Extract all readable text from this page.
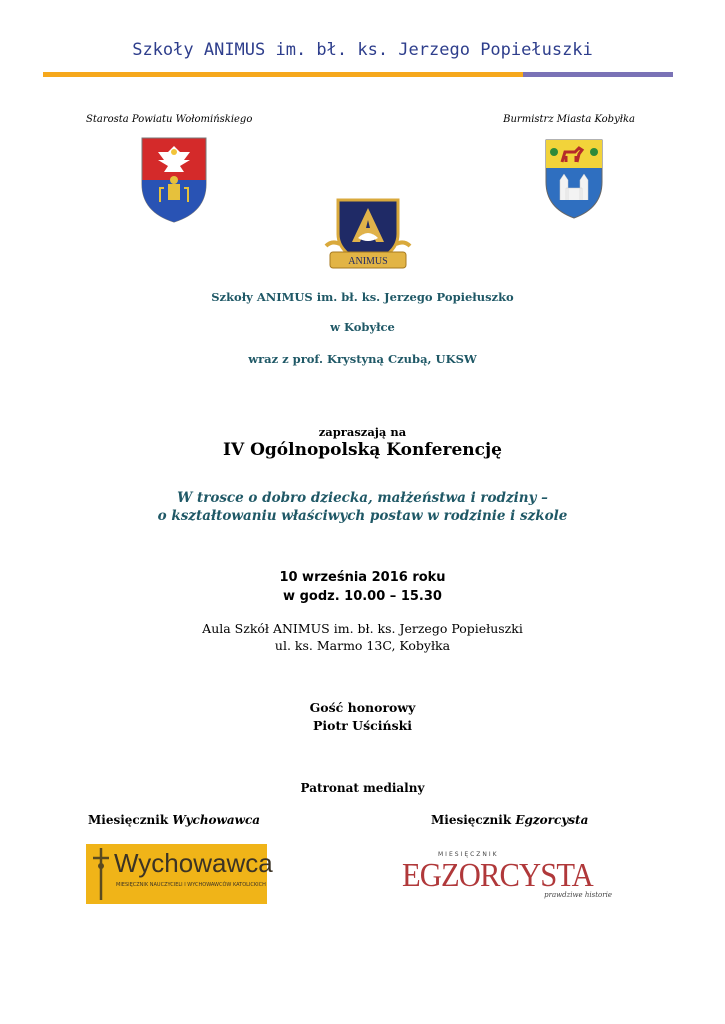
Szkoły ANIMUS im. bł. ks. Jerzego Popiełuszki
Starosta Powiatu Wołomińskiego	Burmistrz Miasta Kobyłka
ANIMUS
Szkoły ANIMUS im. bł. ks. Jerzego Popiełuszko
w Kobyłce
wraz z prof. Krystyną Czubą, UKSW
zapraszają na
IV Ogólnopolską Konferencję
W trosce o dobro dziecka, małżeństwa i rodziny –
o kształtowaniu właściwych postaw w rodzinie i szkole
10 września 2016 roku
w godz. 10.00 – 15.30
Aula Szkół ANIMUS im. bł. ks. Jerzego Popiełuszki
ul. ks. Marmo 13C, Kobyłka
Gość honorowy
Piotr Uściński
Patronat medialny
Miesięcznik Wychowawca	Miesięcznik Egzorcysta
Wychowawca
MIESIĘCZNIK NAUCZYCIELI I WYCHOWAWCÓW KATOLICKICH
MIESIĘCZNIK
EGZORCYSTA
prawdziwe historie
